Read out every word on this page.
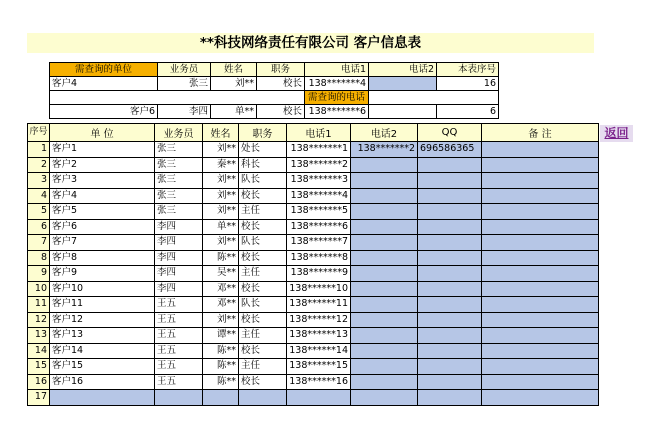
**科技网络责任有限公司 客户信息表
需查询的单位	业务员	姓名	职务	电话1	电话2	本表序号
客户4	张三	刘**	校长	138*******4		16
				需查询的电话		
客户6	李四	单**	校长	138*******6		6
返回
序号	单 位	业务员	姓名	职务	电话1	电话2	QQ	备 注
1	客户1	张三	刘**	处长	138*******1	138*******2	696586365	
2	客户2	张三	秦**	科长	138*******2			
3	客户3	张三	刘**	队长	138*******3			
4	客户4	张三	刘**	校长	138*******4			
5	客户5	张三	刘**	主任	138*******5			
6	客户6	李四	单**	校长	138*******6			
7	客户7	李四	刘**	队长	138*******7			
8	客户8	李四	陈**	校长	138*******8			
9	客户9	李四	吴**	主任	138*******9			
10	客户10	李四	邓**	校长	138******10			
11	客户11	王五	邓**	队长	138******11			
12	客户12	王五	刘**	校长	138******12			
13	客户13	王五	谭**	主任	138******13			
14	客户14	王五	陈**	校长	138******14			
15	客户15	王五	陈**	主任	138******15			
16	客户16	王五	陈**	校长	138******16			
17								
